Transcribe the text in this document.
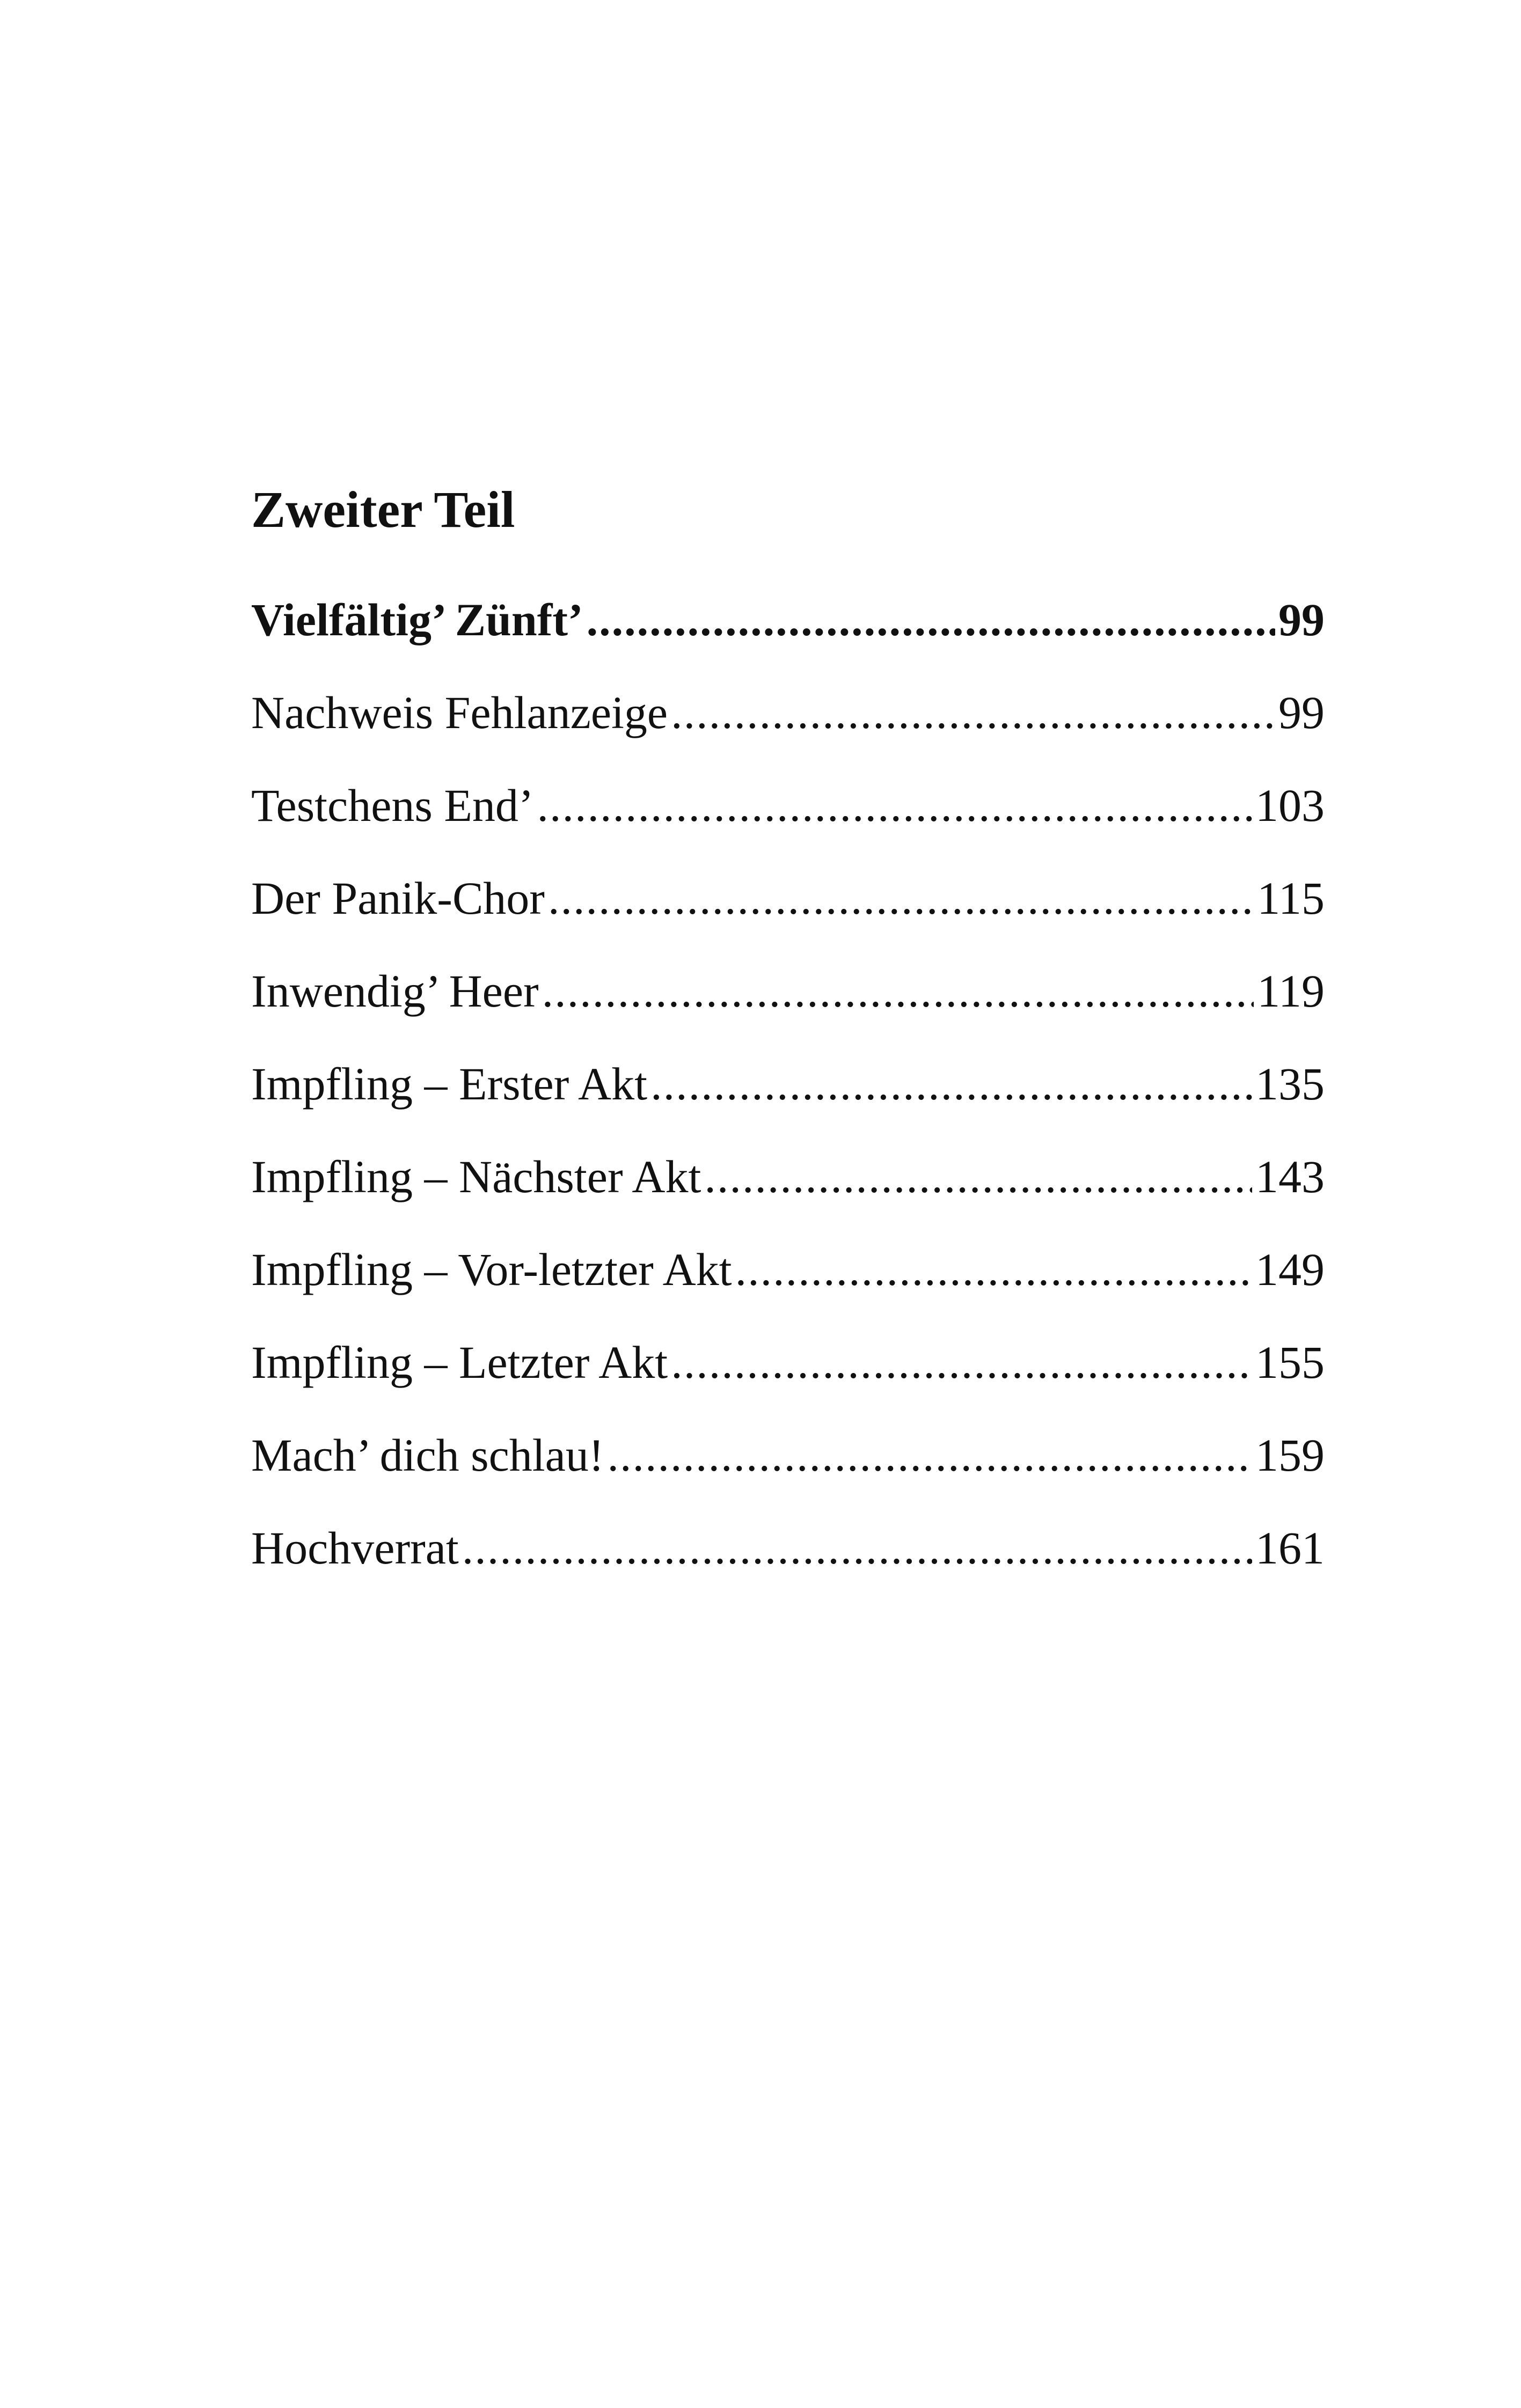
Zweiter Teil
Vielfältig’ Zünft’ .....	99
Nachweis Fehlanzeige .....	99
Testchens End’ .....	103
Der Panik-Chor .....	115
Inwendig’ Heer .....	119
Impfling – Erster Akt .....	135
Impfling – Nächster Akt .....	143
Impfling – Vor-letzter Akt .....	149
Impfling – Letzter Akt .....	155
Mach’ dich schlau! .....	159
Hochverrat .....	161
